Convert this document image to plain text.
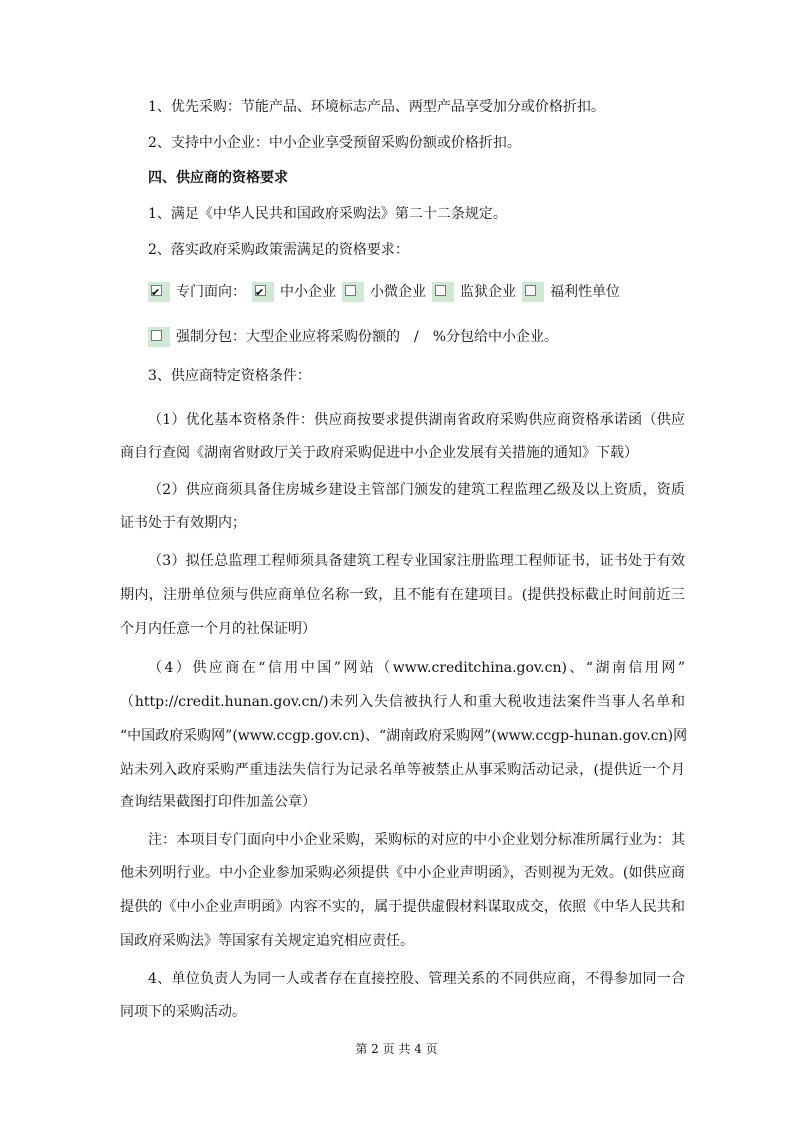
1、优先采购：节能产品、环境标志产品、两型产品享受加分或价格折扣。
2、支持中小企业：中小企业享受预留采购份额或价格折扣。
四、供应商的资格要求
1、满足《中华人民共和国政府采购法》第二十二条规定。
2、落实政府采购政策需满足的资格要求：
✔专门面向： ✔ 中小企业 小微企业 监狱企业 福利性单位
强制分包：大型企业应将采购份额的　/　%分包给中小企业。
3、供应商特定资格条件：
第 2 页 共 4 页
（1）优化基本资格条件：供应商按要求提供湖南省政府采购供应商资格承诺函（供应
商自行查阅《湖南省财政厅关于政府采购促进中小企业发展有关措施的通知》下载）
（2）供应商须具备住房城乡建设主管部门颁发的建筑工程监理乙级及以上资质，资质
证书处于有效期内；
（3）拟任总监理工程师须具备建筑工程专业国家注册监理工程师证书，证书处于有效
期内，注册单位须与供应商单位名称一致，且不能有在建项目。(提供投标截止时间前近三
个月内任意一个月的社保证明）
（4）供应商在“信用中国”网站（www.creditchina.gov.cn)、“湖南信用网”
（http://credit.hunan.gov.cn/)未列入失信被执行人和重大税收违法案件当事人名单和
“中国政府采购网”(www.ccgp.gov.cn)、“湖南政府采购网”(www.ccgp-hunan.gov.cn)网
站未列入政府采购严重违法失信行为记录名单等被禁止从事采购活动记录，(提供近一个月
查询结果截图打印件加盖公章）
注：本项目专门面向中小企业采购，采购标的对应的中小企业划分标准所属行业为：其
他未列明行业。中小企业参加采购必须提供《中小企业声明函》，否则视为无效。(如供应商
提供的《中小企业声明函》内容不实的，属于提供虚假材料谋取成交，依照《中华人民共和
国政府采购法》等国家有关规定追究相应责任。
4、单位负责人为同一人或者存在直接控股、管理关系的不同供应商，不得参加同一合
同项下的采购活动。
